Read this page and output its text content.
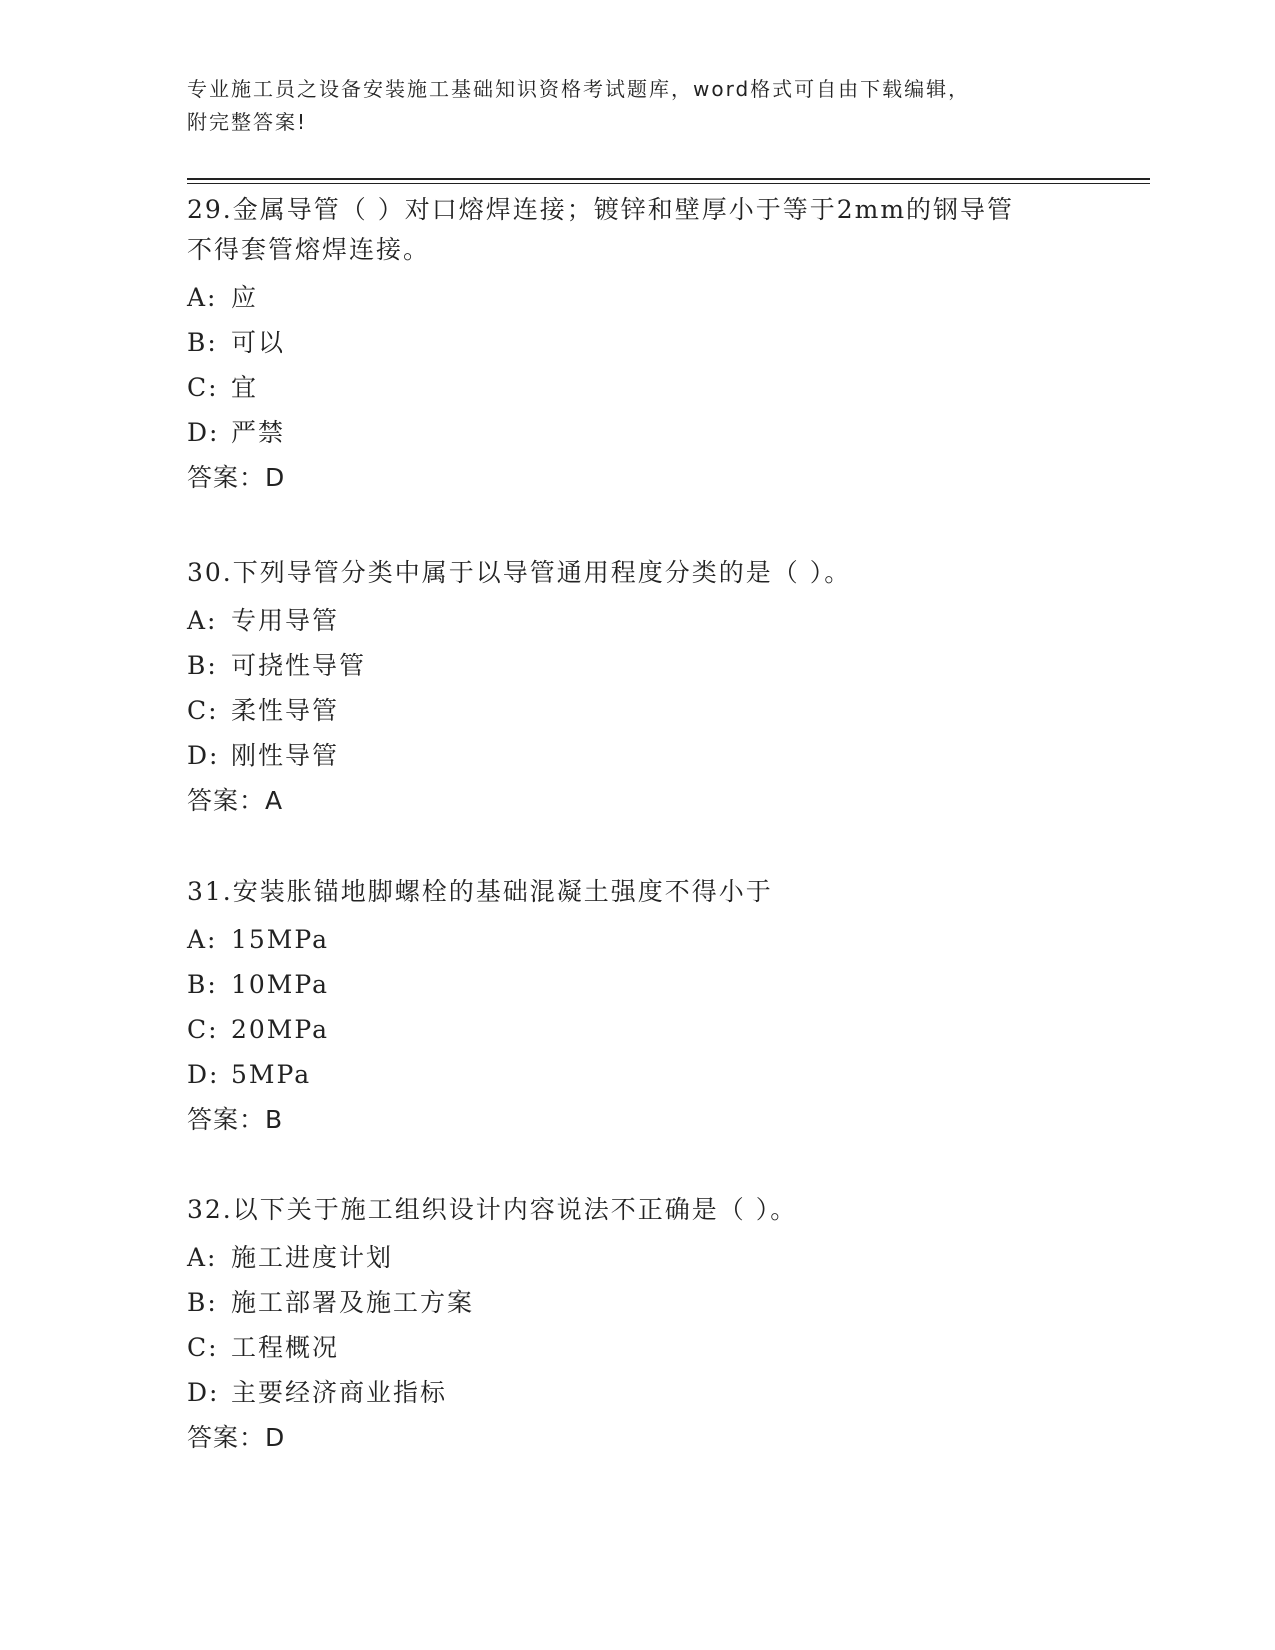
专业施工员之设备安装施工基础知识资格考试题库，word格式可自由下载编辑，
附完整答案!
29.金属导管（ ）对口熔焊连接；镀锌和壁厚小于等于2mm的钢导管
不得套管熔焊连接。
A: 应
B: 可以
C: 宜
D: 严禁
答案：D
30.下列导管分类中属于以导管通用程度分类的是（ ）。
A: 专用导管
B: 可挠性导管
C: 柔性导管
D: 刚性导管
答案：A
31.安装胀锚地脚螺栓的基础混凝土强度不得小于
A: 15MPa
B: 10MPa
C: 20MPa
D: 5MPa
答案：B
32.以下关于施工组织设计内容说法不正确是（ ）。
A: 施工进度计划
B: 施工部署及施工方案
C: 工程概况
D: 主要经济商业指标
答案：D
